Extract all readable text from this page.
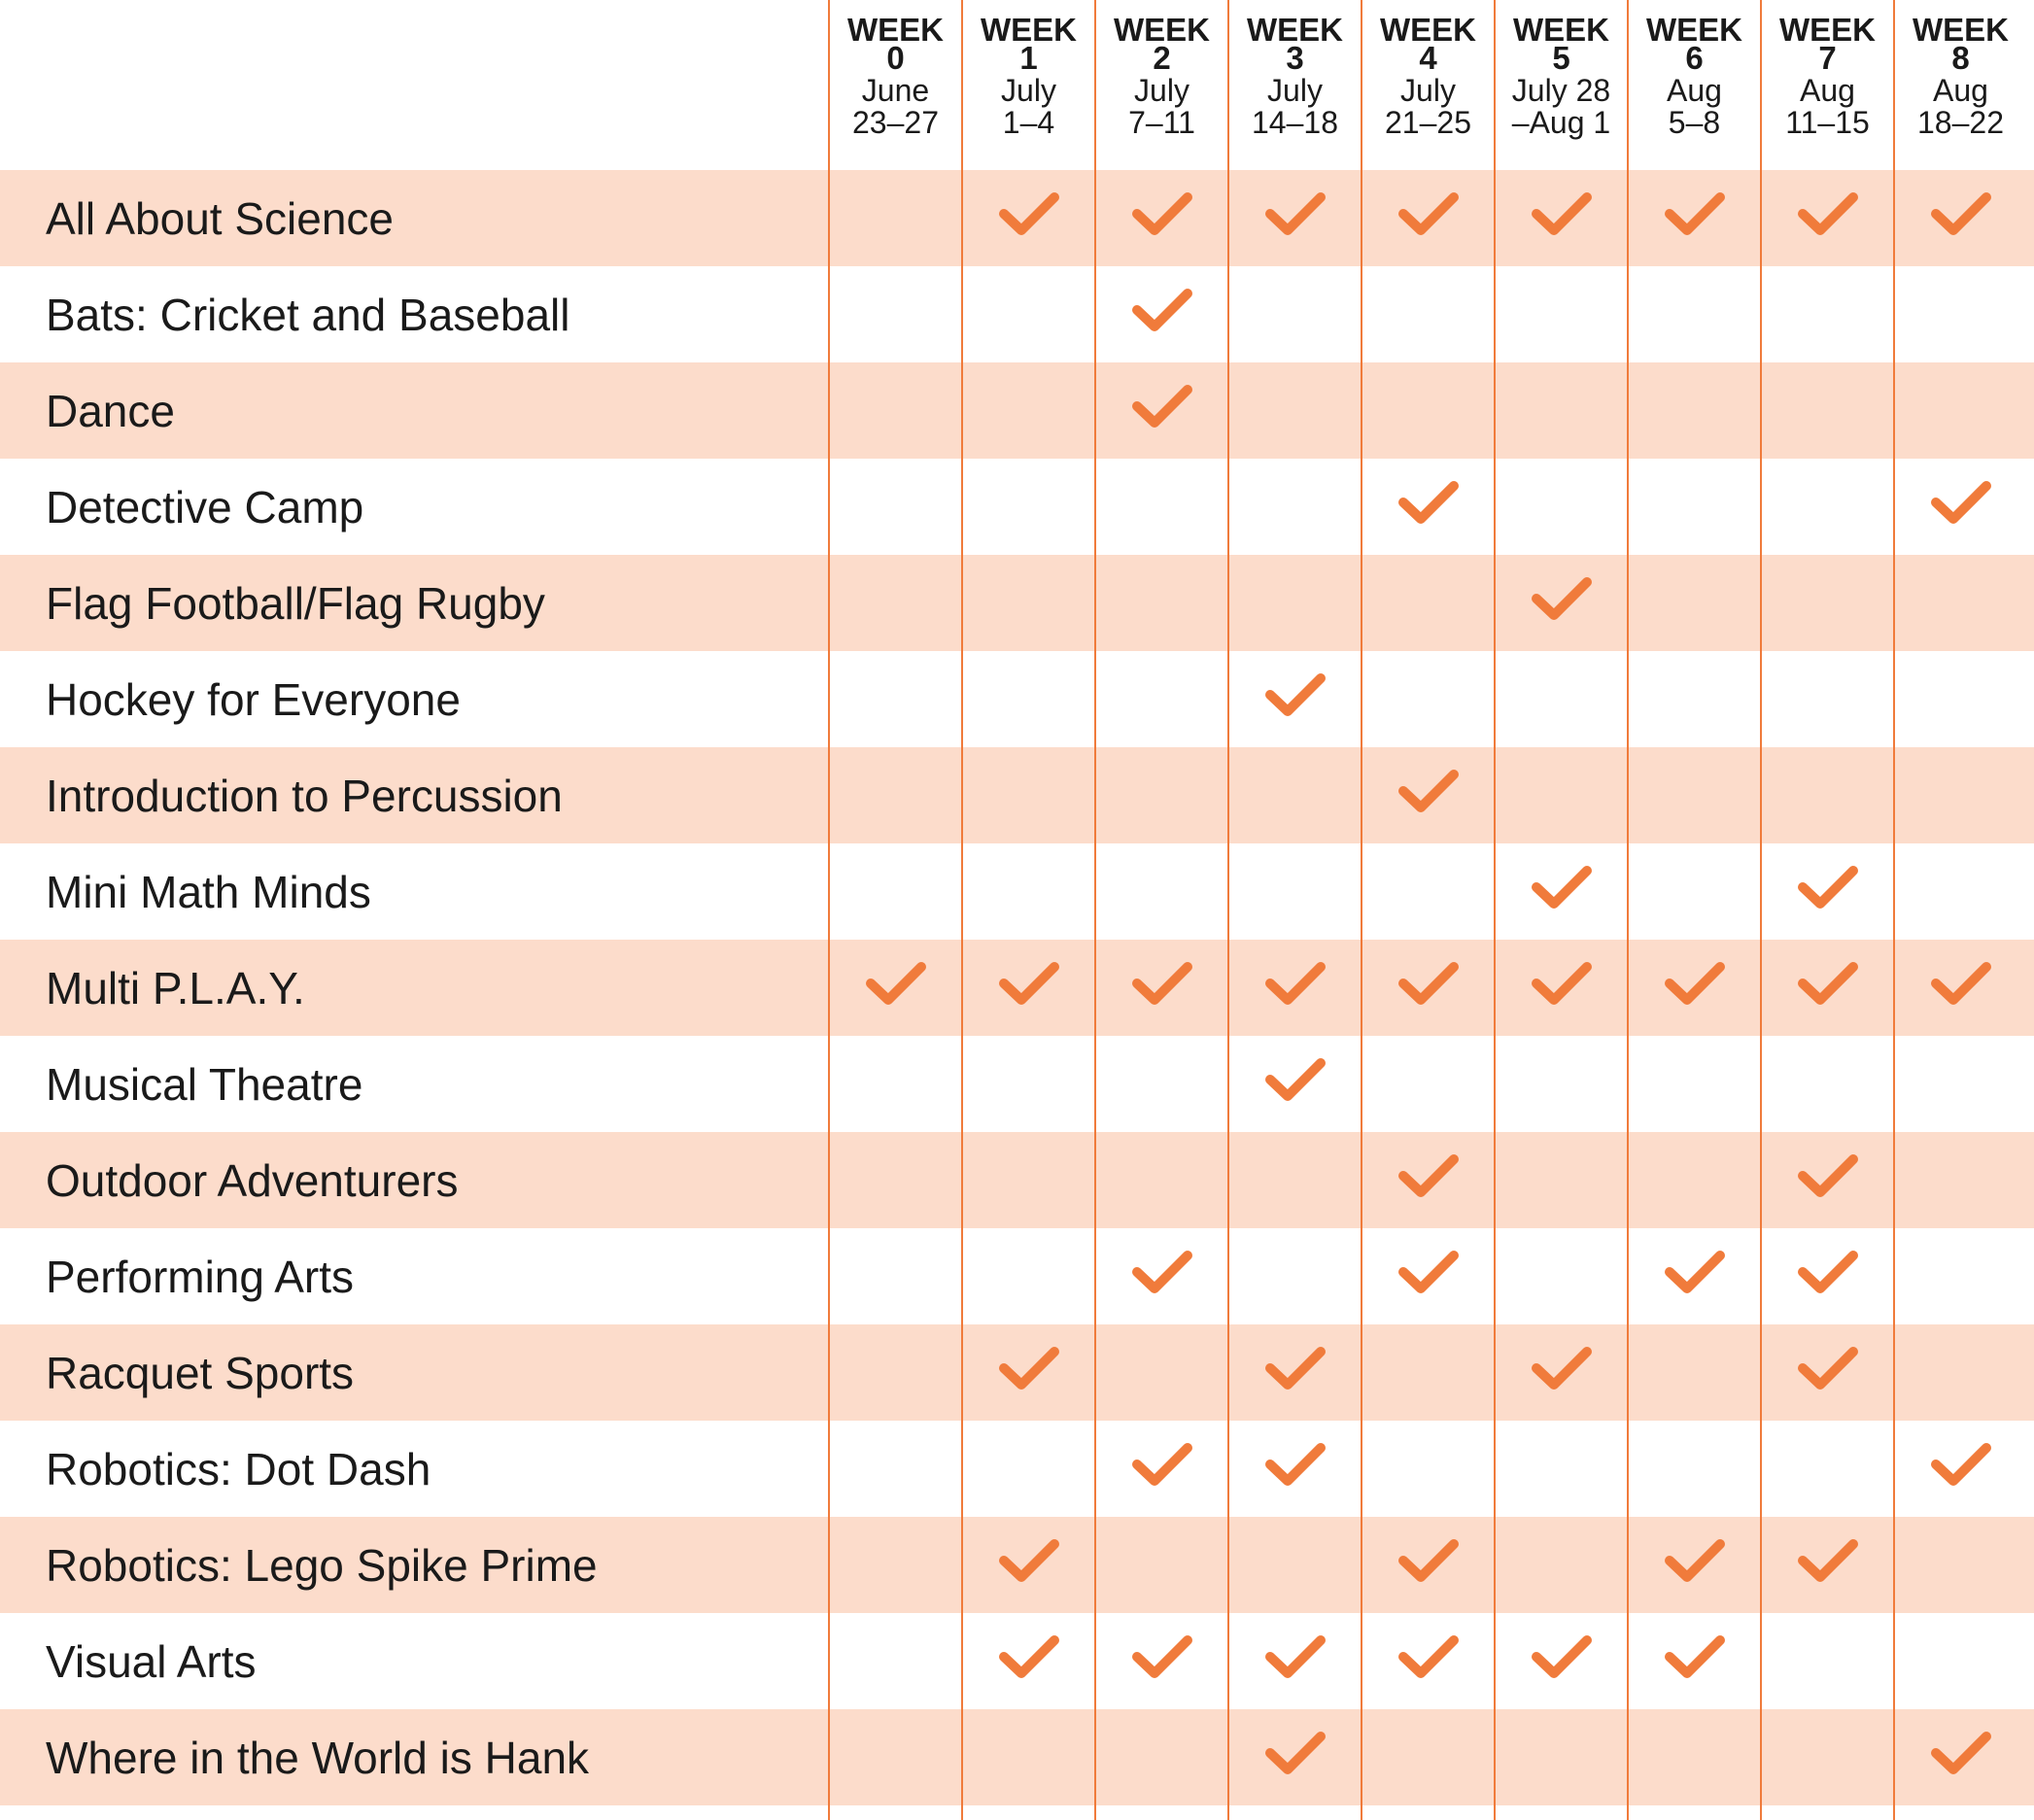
WEEK
0
June
23–27
WEEK
1
July
1–4
WEEK
2
July
7–11
WEEK
3
July
14–18
WEEK
4
July
21–25
WEEK
5
July 28
–Aug 1
WEEK
6
Aug
5–8
WEEK
7
Aug
11–15
WEEK
8
Aug
18–22
All About Science
Bats: Cricket and Baseball
Dance
Detective Camp
Flag Football/Flag Rugby
Hockey for Everyone
Introduction to Percussion
Mini Math Minds
Multi P.L.A.Y.
Musical Theatre
Outdoor Adventurers
Performing Arts
Racquet Sports
Robotics: Dot Dash
Robotics: Lego Spike Prime
Visual Arts
Where in the World is Hank
